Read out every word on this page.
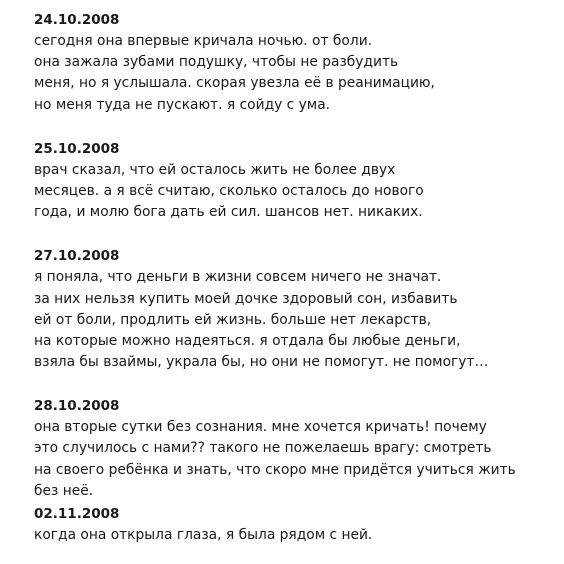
24.10.2008
сегодня она впервые кричала ночью. от боли.
она зажала зубами подушку, чтобы не разбудить
меня, но я услышала. скорая увезла её в реанимацию,
но меня туда не пускают. я сойду с ума.
25.10.2008
врач сказал, что ей осталось жить не более двух
месяцев. а я всё считаю, сколько осталось до нового
года, и молю бога дать ей сил. шансов нет. никаких.
27.10.2008
я поняла, что деньги в жизни совсем ничего не значат.
за них нельзя купить моей дочке здоровый сон, избавить
ей от боли, продлить ей жизнь. больше нет лекарств,
на которые можно надеяться. я отдала бы любые деньги,
взяла бы взаймы, украла бы, но они не помогут. не помогут…
28.10.2008
она вторые сутки без сознания. мне хочется кричать! почему
это случилось с нами?? такого не пожелаешь врагу: смотреть
на своего ребёнка и знать, что скоро мне придётся учиться жить
без неё.
02.11.2008
когда она открыла глаза, я была рядом с ней.
